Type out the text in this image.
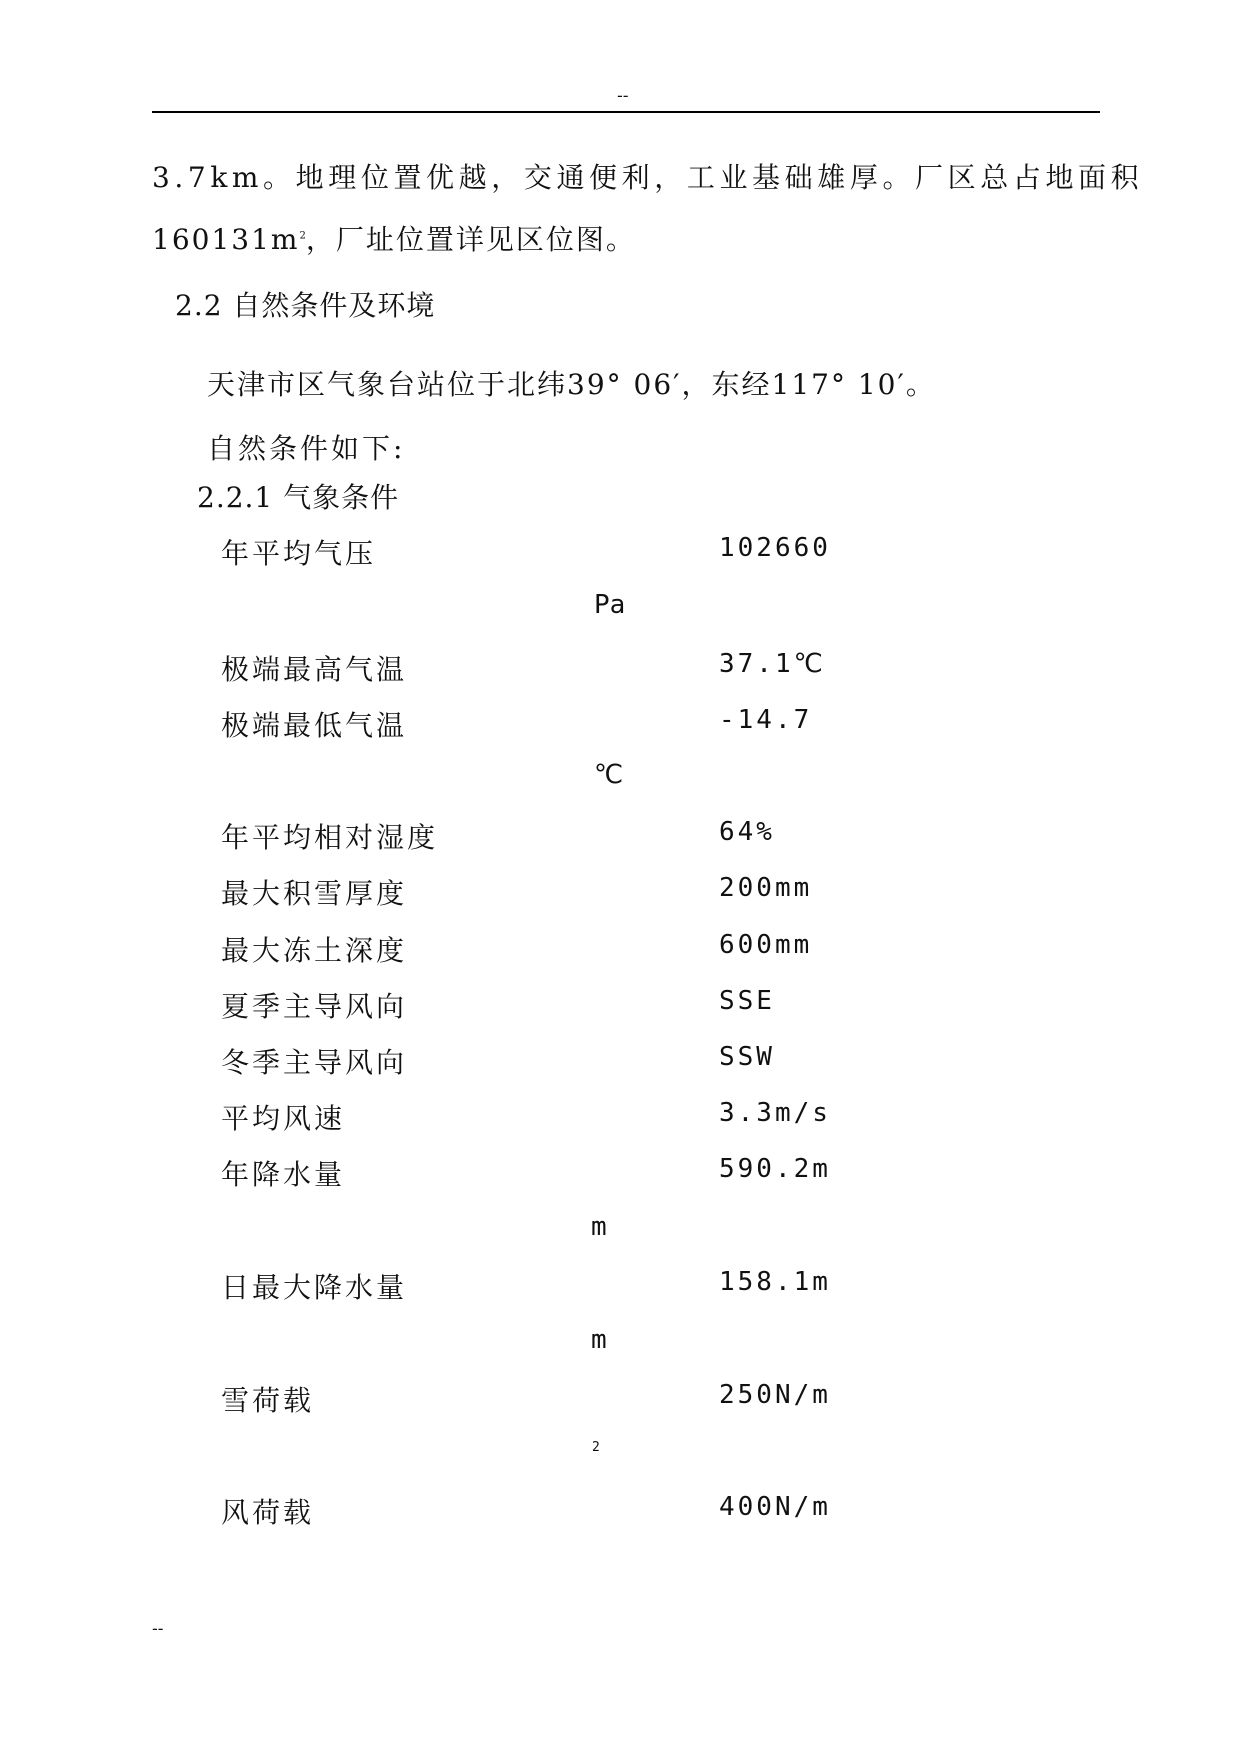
--
3.7km。地理位置优越，交通便利，工业基础雄厚。厂区总占地面积
$160131m^2$，厂址位置详见区位图。
2.2 自然条件及环境
天津市区气象台站位于北纬39° 06′，东经117° 10′。
自然条件如下:
2.2.1 气象条件
年平均气压	102660
Pa
极端最高气温	37.1℃
极端最低气温	-14.7
℃
年平均相对湿度	64%
最大积雪厚度	200mm
最大冻土深度	600mm
夏季主导风向	SSE
冬季主导风向	SSW
平均风速	3.3m/s
年降水量	590.2m
m
日最大降水量	158.1m
m
雪荷载	250N/m
2
风荷载	400N/m
--
